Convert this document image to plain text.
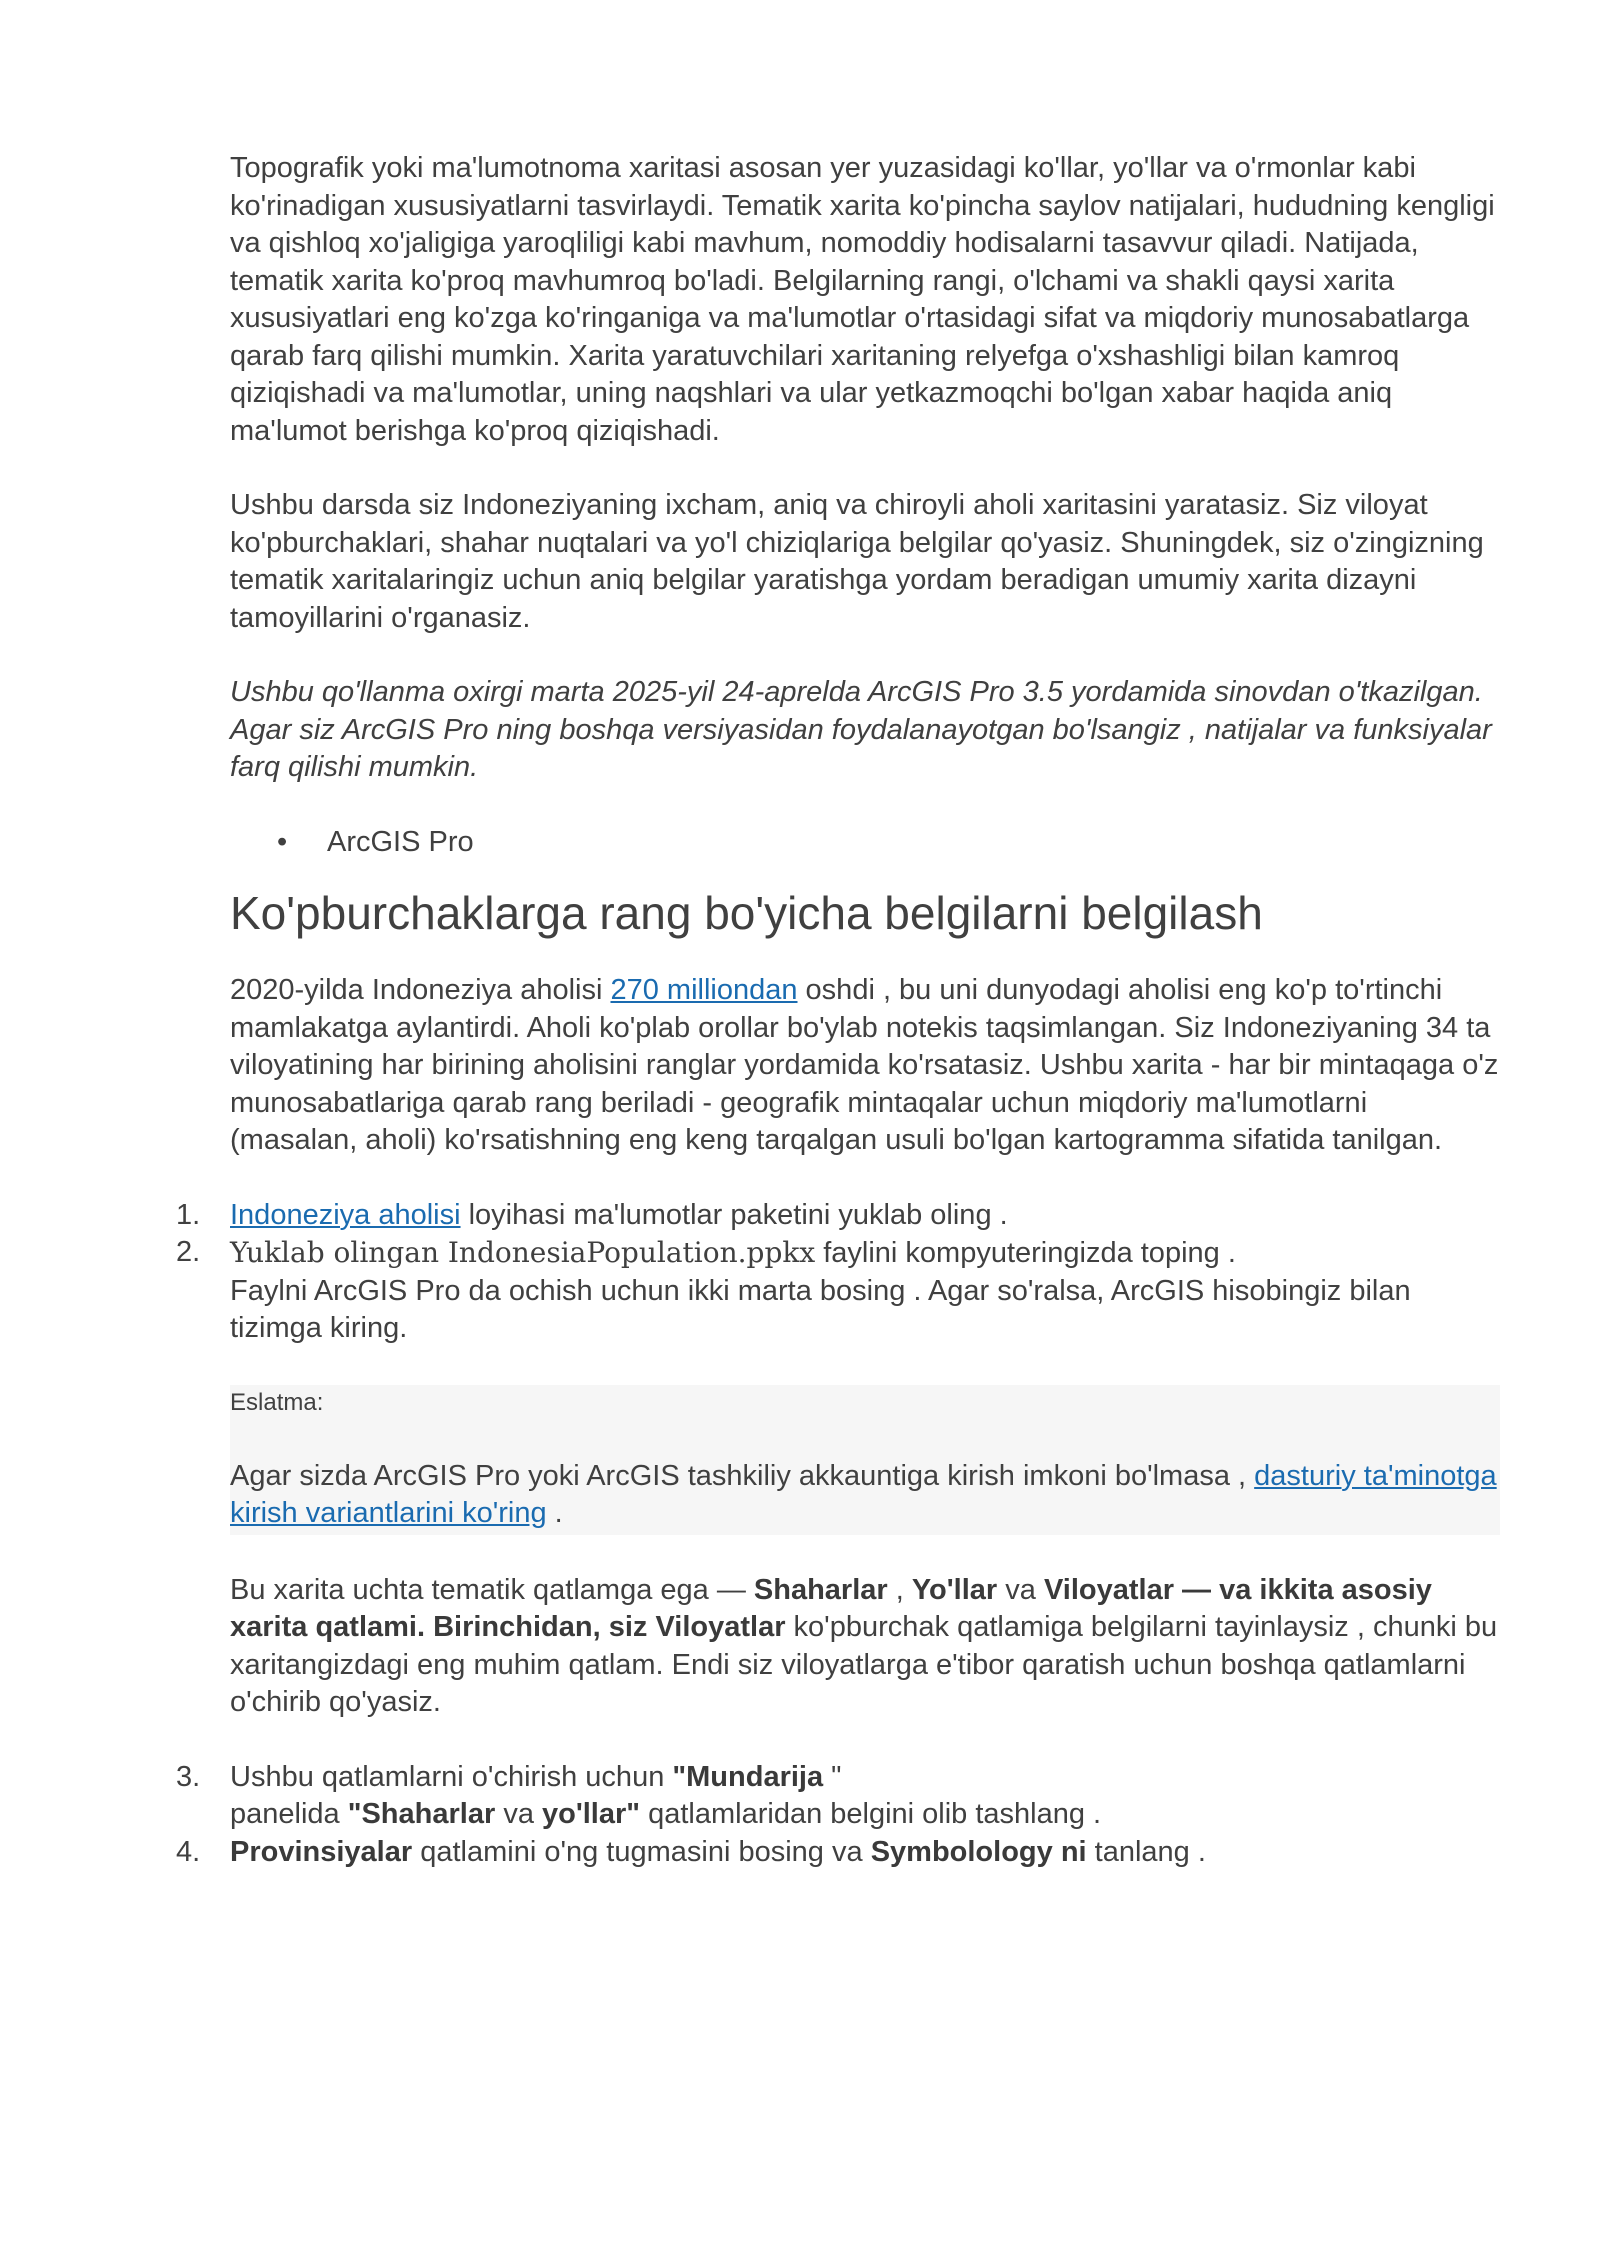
Topografik yoki ma'lumotnoma xaritasi asosan yer yuzasidagi ko'llar, yo'llar va o'rmonlar kabi ko'rinadigan xususiyatlarni tasvirlaydi. Tematik xarita ko'pincha saylov natijalari, hududning kengligi va qishloq xo'jaligiga yaroqliligi kabi mavhum, nomoddiy hodisalarni tasavvur qiladi. Natijada, tematik xarita ko'proq mavhumroq bo'ladi. Belgilarning rangi, o'lchami va shakli qaysi xarita xususiyatlari eng ko'zga ko'ringaniga va ma'lumotlar o'rtasidagi sifat va miqdoriy munosabatlarga qarab farq qilishi mumkin. Xarita yaratuvchilari xaritaning relyefga o'xshashligi bilan kamroq qiziqishadi va ma'lumotlar, uning naqshlari va ular yetkazmoqchi bo'lgan xabar haqida aniq ma'lumot berishga ko'proq qiziqishadi.

Ushbu darsda siz Indoneziyaning ixcham, aniq va chiroyli aholi xaritasini yaratasiz. Siz viloyat ko'pburchaklari, shahar nuqtalari va yo'l chiziqlariga belgilar qo'yasiz. Shuningdek, siz o'zingizning tematik xaritalaringiz uchun aniq belgilar yaratishga yordam beradigan umumiy xarita dizayni tamoyillarini o'rganasiz.

Ushbu qo'llanma oxirgi marta 2025-yil 24-aprelda ArcGIS Pro 3.5 yordamida sinovdan o'tkazilgan. Agar siz ArcGIS Pro ning boshqa versiyasidan foydalanayotgan bo'lsangiz , natijalar va funksiyalar farq qilishi mumkin.

• ArcGIS Pro
Ko'pburchaklarga rang bo'yicha belgilarni belgilash

2020-yilda Indoneziya aholisi 270 milliondan oshdi , bu uni dunyodagi aholisi eng ko'p to'rtinchi mamlakatga aylantirdi. Aholi ko'plab orollar bo'ylab notekis taqsimlangan. Siz Indoneziyaning 34 ta viloyatining har birining aholisini ranglar yordamida ko'rsatasiz. Ushbu xarita - har bir mintaqaga o'z munosabatlariga qarab rang beriladi - geografik mintaqalar uchun miqdoriy ma'lumotlarni (masalan, aholi) ko'rsatishning eng keng tarqalgan usuli bo'lgan kartogramma sifatida tanilgan.

1. Indoneziya aholisi loyihasi ma'lumotlar paketini yuklab oling .
2. Yuklab olingan IndonesiaPopulation.ppkx faylini kompyuteringizda toping .
Faylni ArcGIS Pro da ochish uchun ikki marta bosing . Agar so'ralsa, ArcGIS hisobingiz bilan tizimga kiring.
Eslatma:
Agar sizda ArcGIS Pro yoki ArcGIS tashkiliy akkauntiga kirish imkoni bo'lmasa , dasturiy ta'minotga kirish variantlarini ko'ring .

Bu xarita uchta tematik qatlamga ega — Shaharlar , Yo'llar va Viloyatlar — va ikkita asosiy xarita qatlami. Birinchidan, siz Viloyatlar ko'pburchak qatlamiga belgilarni tayinlaysiz , chunki bu xaritangizdagi eng muhim qatlam. Endi siz viloyatlarga e'tibor qaratish uchun boshqa qatlamlarni o'chirib qo'yasiz.

3. Ushbu qatlamlarni o'chirish uchun "Mundarija "
panelida "Shaharlar va yo'llar" qatlamlaridan belgini olib tashlang .
4. Provinsiyalar qatlamini o'ng tugmasini bosing va Symbolology ni tanlang .
